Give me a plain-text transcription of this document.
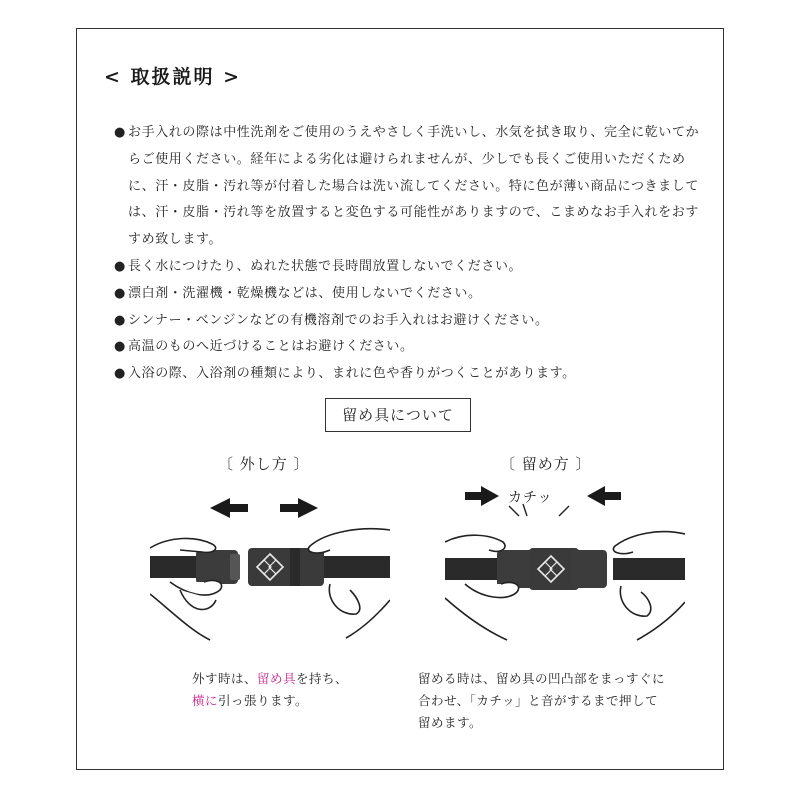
< 取扱説明 >
● お手入れの際は中性洗剤をご使用のうえやさしく手洗いし、水気を拭き取り、完全に乾いてからご使用ください。経年による劣化は避けられませんが、少しでも長くご使用いただくために、汗・皮脂・汚れ等が付着した場合は洗い流してください。特に色が薄い商品につきましては、汗・皮脂・汚れ等を放置すると変色する可能性がありますので、こまめなお手入れをおすすめ致します。
● 長く水につけたり、ぬれた状態で長時間放置しないでください。
● 漂白剤・洗濯機・乾燥機などは、使用しないでください。
● シンナー・ベンジンなどの有機溶剤でのお手入れはお避けください。
● 高温のものへ近づけることはお避けください。
● 入浴の際、入浴剤の種類により、まれに色や香りがつくことがあります。
留め具について
〔 外し方 〕	〔 留め方 〕
カチッ
外す時は、留め具を持ち、
横に引っ張ります。
留める時は、留め具の凹凸部をまっすぐに
合わせ、「カチッ」と音がするまで押して
留めます。
